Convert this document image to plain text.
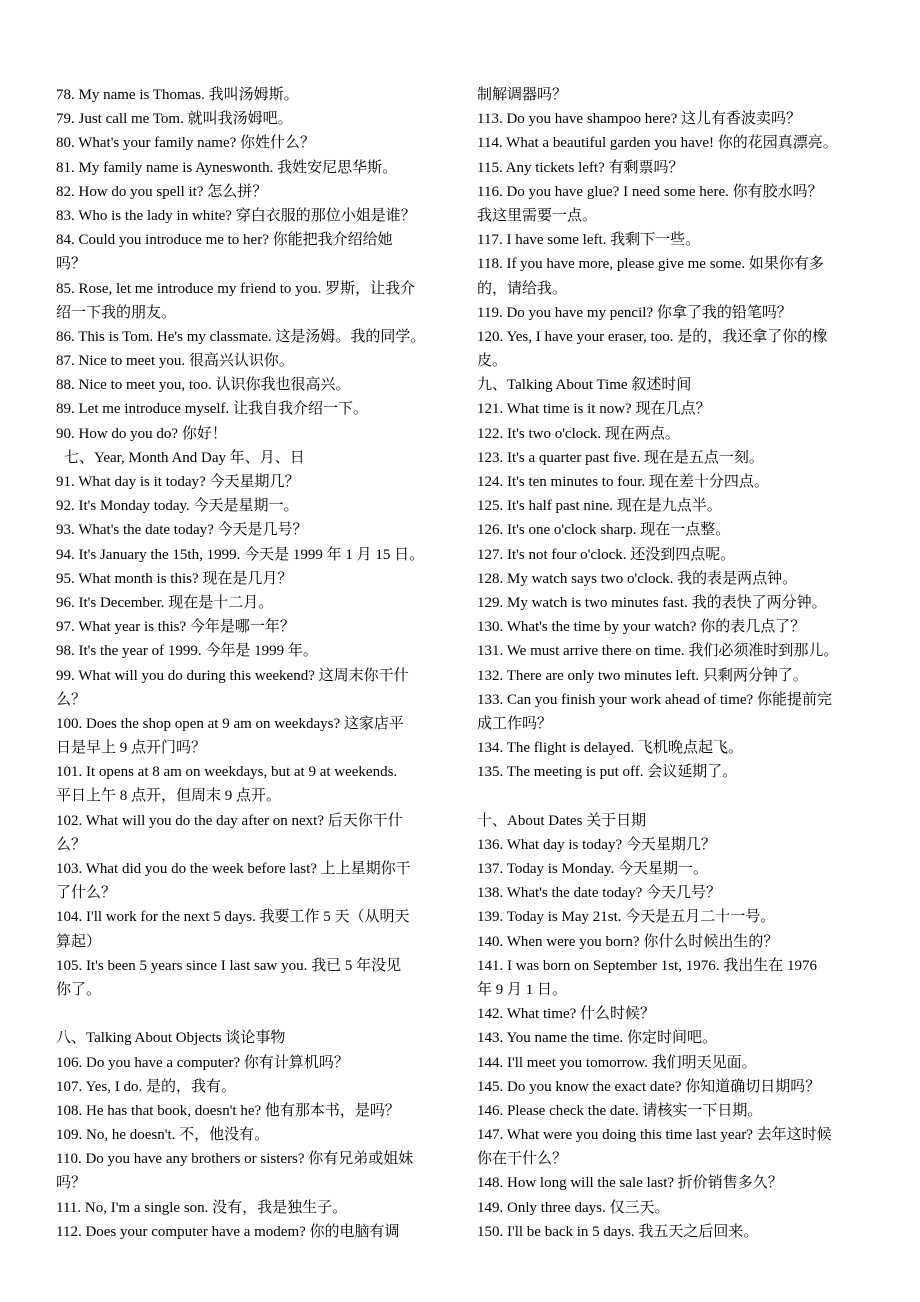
78. My name is Thomas. 我叫汤姆斯。
79. Just call me Tom. 就叫我汤姆吧。
80. What's your family name? 你姓什么？
81. My family name is Ayneswonth. 我姓安尼思华斯。
82. How do you spell it? 怎么拼？
83. Who is the lady in white? 穿白衣服的那位小姐是谁？
84. Could you introduce me to her? 你能把我介绍给她
吗？
85. Rose, let me introduce my friend to you. 罗斯，让我介
绍一下我的朋友。
86. This is Tom. He's my classmate. 这是汤姆。我的同学。
87. Nice to meet you. 很高兴认识你。
88. Nice to meet you, too. 认识你我也很高兴。
89. Let me introduce myself. 让我自我介绍一下。
90. How do you do? 你好！
七、Year, Month And Day 年、月、日
91. What day is it today? 今天星期几？
92. It's Monday today. 今天是星期一。
93. What's the date today? 今天是几号？
94. It's January the 15th, 1999. 今天是 1999 年 1 月 15 日。
95. What month is this? 现在是几月？
96. It's December. 现在是十二月。
97. What year is this? 今年是哪一年？
98. It's the year of 1999. 今年是 1999 年。
99. What will you do during this weekend? 这周末你干什
么？
100. Does the shop open at 9 am on weekdays? 这家店平
日是早上 9 点开门吗？
101. It opens at 8 am on weekdays, but at 9 at weekends.
平日上午 8 点开，但周末 9 点开。
102. What will you do the day after on next? 后天你干什
么？
103. What did you do the week before last? 上上星期你干
了什么？
104. I'll work for the next 5 days. 我要工作 5 天（从明天
算起）
105. It's been 5 years since I last saw you. 我已 5 年没见
你了。
八、Talking About Objects 谈论事物
106. Do you have a computer? 你有计算机吗？
107. Yes, I do. 是的，我有。
108. He has that book, doesn't he? 他有那本书，是吗？
109. No, he doesn't. 不，他没有。
110. Do you have any brothers or sisters? 你有兄弟或姐妹
吗？
111. No, I'm a single son. 没有，我是独生子。
112. Does your computer have a modem? 你的电脑有调
制解调器吗？
113. Do you have shampoo here? 这儿有香波卖吗？
114. What a beautiful garden you have! 你的花园真漂亮。
115. Any tickets left? 有剩票吗？
116. Do you have glue? I need some here. 你有胶水吗？
我这里需要一点。
117. I have some left. 我剩下一些。
118. If you have more, please give me some. 如果你有多
的，请给我。
119. Do you have my pencil? 你拿了我的铅笔吗？
120. Yes, I have your eraser, too. 是的，我还拿了你的橡
皮。
九、Talking About Time 叙述时间
121. What time is it now? 现在几点？
122. It's two o'clock. 现在两点。
123. It's a quarter past five. 现在是五点一刻。
124. It's ten minutes to four. 现在差十分四点。
125. It's half past nine. 现在是九点半。
126. It's one o'clock sharp. 现在一点整。
127. It's not four o'clock. 还没到四点呢。
128. My watch says two o'clock. 我的表是两点钟。
129. My watch is two minutes fast. 我的表快了两分钟。
130. What's the time by your watch? 你的表几点了？
131. We must arrive there on time. 我们必须准时到那儿。
132. There are only two minutes left. 只剩两分钟了。
133. Can you finish your work ahead of time? 你能提前完
成工作吗？
134. The flight is delayed. 飞机晚点起飞。
135. The meeting is put off. 会议延期了。
十、About Dates 关于日期
136. What day is today? 今天星期几？
137. Today is Monday. 今天星期一。
138. What's the date today? 今天几号？
139. Today is May 21st. 今天是五月二十一号。
140. When were you born? 你什么时候出生的？
141. I was born on September 1st, 1976. 我出生在 1976
年 9 月 1 日。
142. What time? 什么时候？
143. You name the time. 你定时间吧。
144. I'll meet you tomorrow. 我们明天见面。
145. Do you know the exact date? 你知道确切日期吗？
146. Please check the date. 请核实一下日期。
147. What were you doing this time last year? 去年这时候
你在干什么？
148. How long will the sale last? 折价销售多久？
149. Only three days. 仅三天。
150. I'll be back in 5 days. 我五天之后回来。
